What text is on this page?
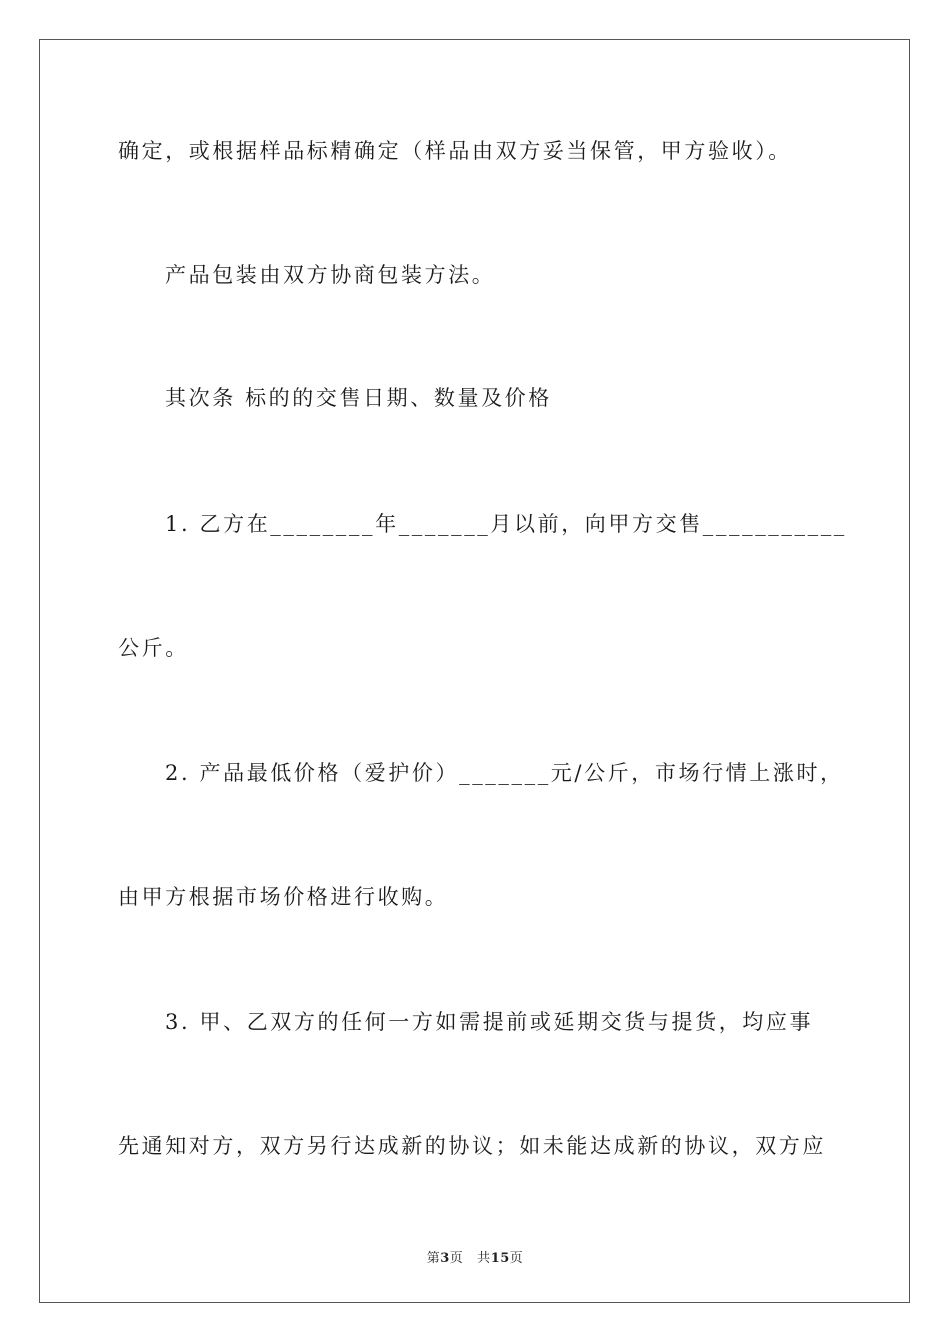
确定，或根据样品标精确定（样品由双方妥当保管，甲方验收）。
产品包装由双方协商包装方法。
其次条 标的的交售日期、数量及价格
1. 乙方在________年_______月以前，向甲方交售___________
公斤。
2. 产品最低价格（爱护价）_______元/公斤，市场行情上涨时，
由甲方根据市场价格进行收购。
3. 甲、乙双方的任何一方如需提前或延期交货与提货，均应事
先通知对方，双方另行达成新的协议；如未能达成新的协议，双方应
第3页 共15页
